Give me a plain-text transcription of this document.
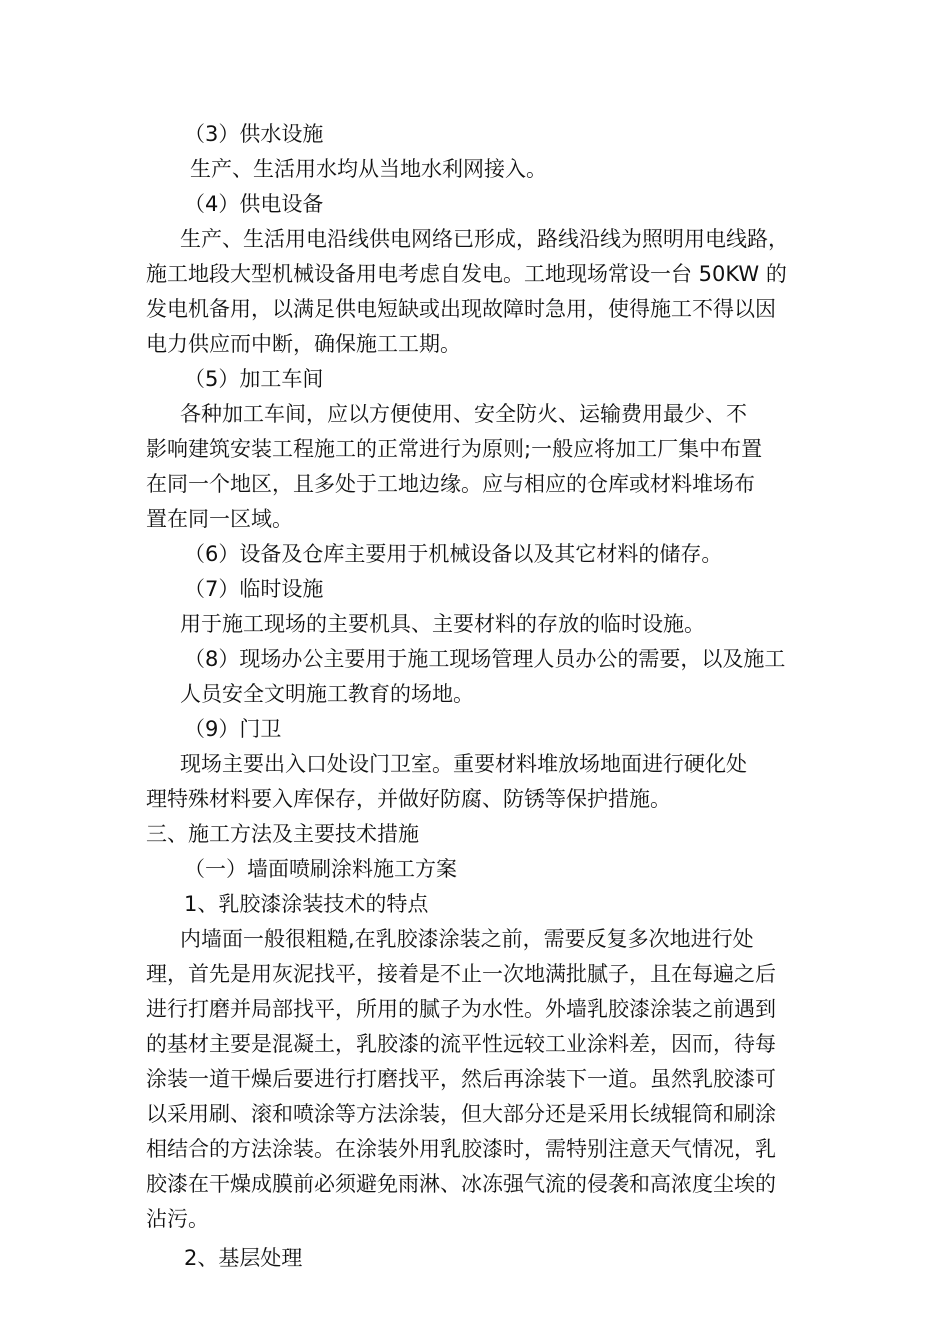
（3）供水设施

生产、生活用水均从当地水利网接入。

（4）供电设备

生产、生活用电沿线供电网络已形成，路线沿线为照明用电线路，

施工地段大型机械设备用电考虑自发电。工地现场常设一台 50KW 的

发电机备用，以满足供电短缺或出现故障时急用，使得施工不得以因

电力供应而中断，确保施工工期。

（5）加工车间

各种加工车间，应以方便使用、安全防火、运输费用最少、不

影响建筑安装工程施工的正常进行为原则;一般应将加工厂集中布置

在同一个地区，且多处于工地边缘。应与相应的仓库或材料堆场布

置在同一区域。

（6）设备及仓库主要用于机械设备以及其它材料的储存。

（7）临时设施

用于施工现场的主要机具、主要材料的存放的临时设施。

（8）现场办公主要用于施工现场管理人员办公的需要，以及施工

人员安全文明施工教育的场地。

（9）门卫

现场主要出入口处设门卫室。重要材料堆放场地面进行硬化处

理特殊材料要入库保存，并做好防腐、防锈等保护措施。

三、施工方法及主要技术措施

（一）墙面喷刷涂料施工方案

1、乳胶漆涂装技术的特点

内墙面一般很粗糙,在乳胶漆涂装之前，需要反复多次地进行处

理，首先是用灰泥找平，接着是不止一次地满批腻子，且在每遍之后

进行打磨并局部找平，所用的腻子为水性。外墙乳胶漆涂装之前遇到

的基材主要是混凝土，乳胶漆的流平性远较工业涂料差，因而，待每

涂装一道干燥后要进行打磨找平，然后再涂装下一道。虽然乳胶漆可

以采用刷、滚和喷涂等方法涂装，但大部分还是采用长绒辊筒和刷涂

相结合的方法涂装。在涂装外用乳胶漆时，需特别注意天气情况，乳

胶漆在干燥成膜前必须避免雨淋、冰冻强气流的侵袭和高浓度尘埃的

沾污。

2、基层处理
